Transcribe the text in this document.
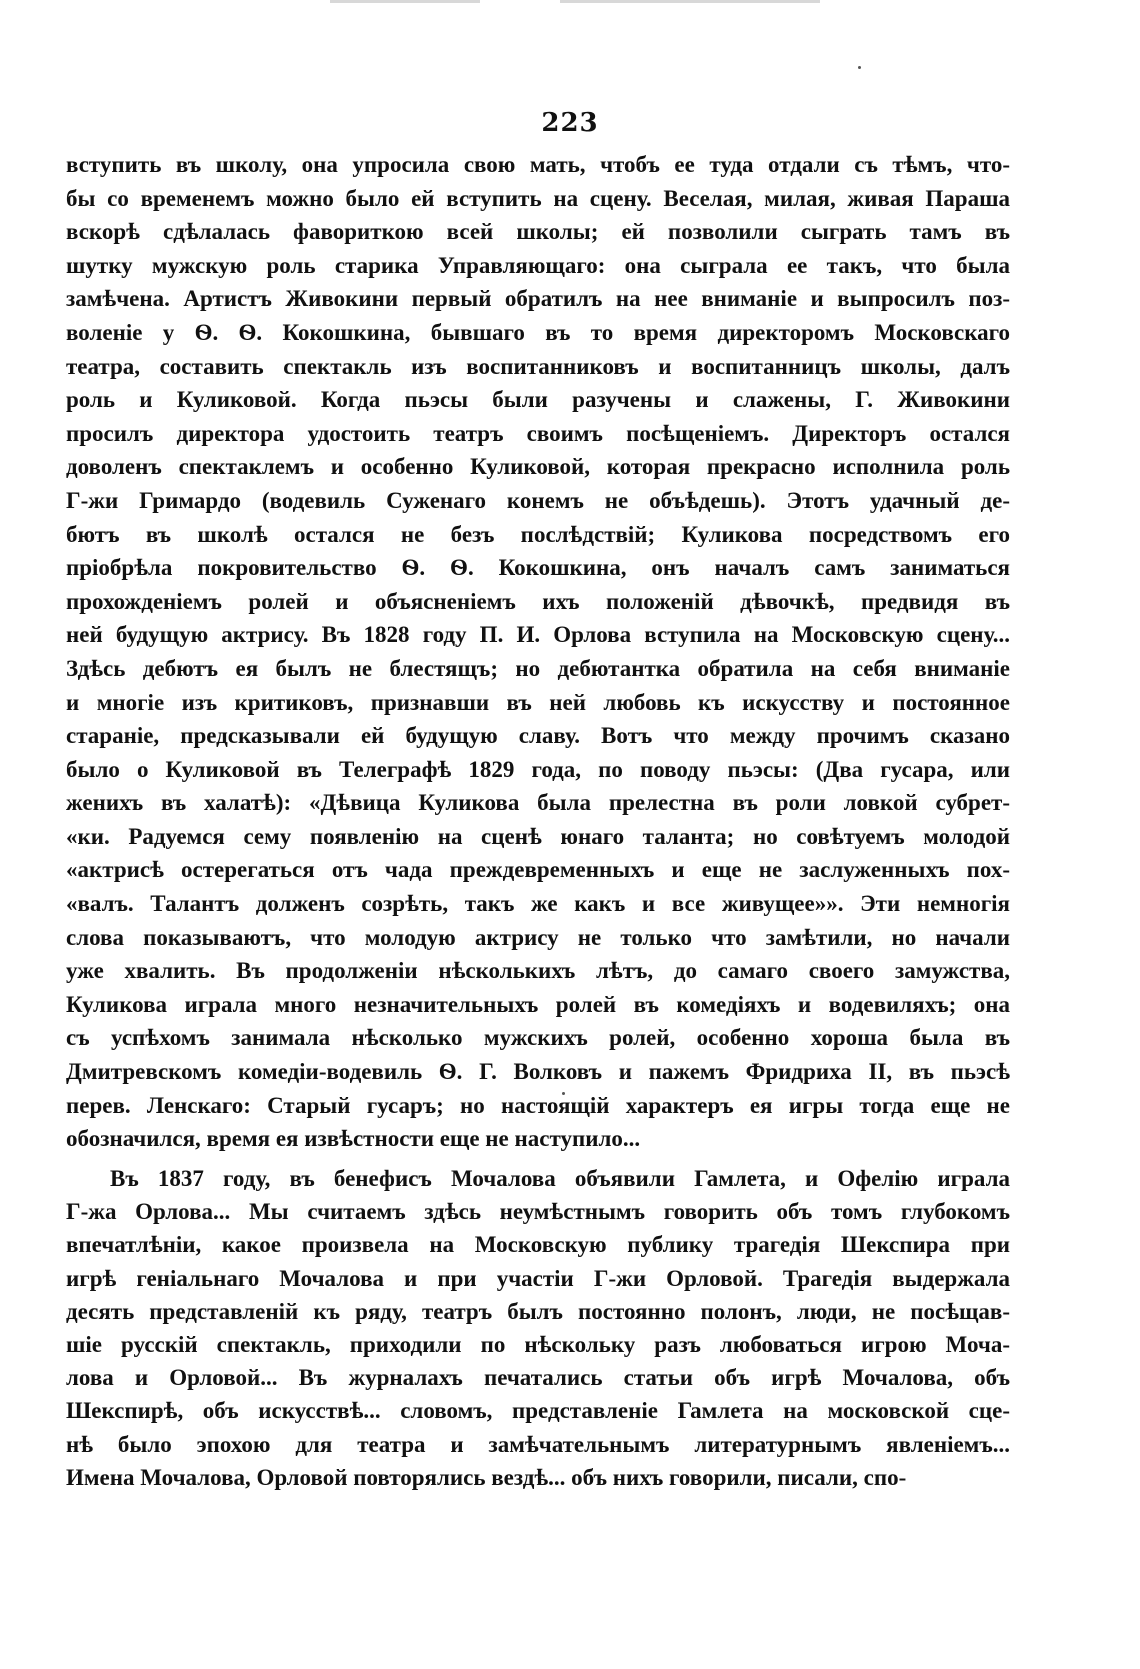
223
вступить въ школу, она упросила свою мать, чтобъ ее туда отдали съ тѣмъ, что-
бы со временемъ можно было ей вступить на сцену. Веселая, милая, живая Параша
вскорѣ сдѣлалась фавориткою всей школы; ей позволили сыграть тамъ въ
шутку мужскую роль старика Управляющаго: она сыграла ее такъ, что была
замѣчена. Артистъ Живокини первый обратилъ на нее вниманіе и выпросилъ поз-
воленіе у Ѳ. Ѳ. Кокошкина, бывшаго въ то время директоромъ Московскаго
театра, составить спектакль изъ воспитанниковъ и воспитанницъ школы, далъ
роль и Куликовой. Когда пьэсы были разучены и слажены, Г. Живокини
просилъ директора удостоить театръ своимъ посѣщеніемъ. Директоръ остался
доволенъ спектаклемъ и особенно Куликовой, которая прекрасно исполнила роль
Г-жи Гримардо (водевиль Суженаго конемъ не объѣдешь). Этотъ удачный де-
бютъ въ школѣ остался не безъ послѣдствій; Куликова посредствомъ его
пріобрѣла покровительство Ѳ. Ѳ. Кокошкина, онъ началъ самъ заниматься
прохожденіемъ ролей и объясненіемъ ихъ положеній дѣвочкѣ, предвидя въ
ней будущую актрису. Въ 1828 году П. И. Орлова вступила на Московскую сцену...
Здѣсь дебютъ ея былъ не блестящъ; но дебютантка обратила на себя вниманіе
и многіе изъ критиковъ, признавши въ ней любовь къ искусству и постоянное
стараніе, предсказывали ей будущую славу. Вотъ что между прочимъ сказано
было о Куликовой въ Телеграфѣ 1829 года, по поводу пьэсы: (Два гусара, или
женихъ въ халатѣ): «Дѣвица Куликова была прелестна въ роли ловкой субрет-
«ки. Радуемся сему появленію на сценѣ юнаго таланта; но совѣтуемъ молодой
«актрисѣ остерегаться отъ чада преждевременныхъ и еще не заслуженныхъ пох-
«валъ. Талантъ долженъ созрѣть, такъ же какъ и все живущее»». Эти немногія
слова показываютъ, что молодую актрису не только что замѣтили, но начали
уже хвалить. Въ продолженіи нѣсколькихъ лѣтъ, до самаго своего замужства,
Куликова играла много незначительныхъ ролей въ комедіяхъ и водевиляхъ; она
съ успѣхомъ занимала нѣсколько мужскихъ ролей, особенно хороша была въ
Дмитревскомъ комедіи-водевиль Ѳ. Г. Волковъ и пажемъ Фридриха II, въ пьэсѣ
перев. Ленскаго: Старый гусаръ; но настоящій характеръ ея игры тогда еще не
обозначился, время ея извѣстности еще не наступило...
Въ 1837 году, въ бенефисъ Мочалова объявили Гамлета, и Офелію играла
Г-жа Орлова... Мы считаемъ здѣсь неумѣстнымъ говорить объ томъ глубокомъ
впечатлѣніи, какое произвела на Московскую публику трагедія Шекспира при
игрѣ геніальнаго Мочалова и при участіи Г-жи Орловой. Трагедія выдержала
десять представленій къ ряду, театръ былъ постоянно полонъ, люди, не посѣщав-
шіе русскій спектакль, приходили по нѣскольку разъ любоваться игрою Моча-
лова и Орловой... Въ журналахъ печатались статьи объ игрѣ Мочалова, объ
Шекспирѣ, объ искусствѣ... словомъ, представленіе Гамлета на московской сце-
нѣ было эпохою для театра и замѣчательнымъ литературнымъ явленіемъ...
Имена Мочалова, Орловой повторялись вездѣ... объ нихъ говорили, писали, спо-
